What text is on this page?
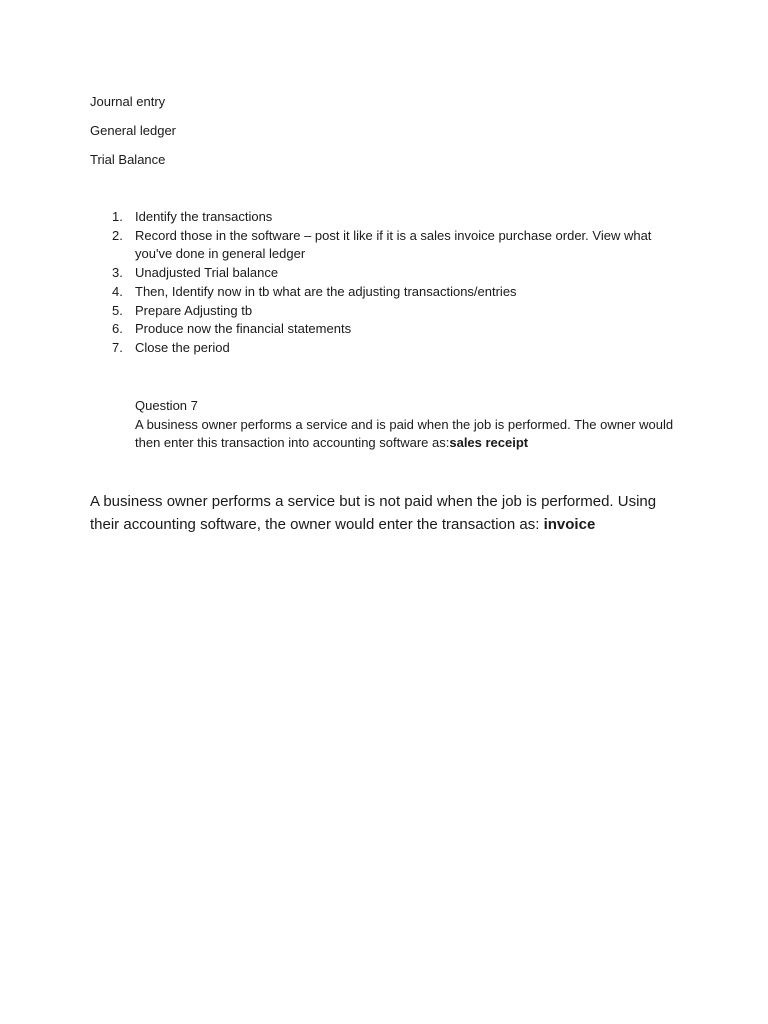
Journal entry
General ledger
Trial Balance
1. Identify the transactions
2. Record those in the software – post it like if it is a sales invoice purchase order. View what you've done in general ledger
3. Unadjusted Trial balance
4. Then, Identify now in tb what are the adjusting transactions/entries
5. Prepare Adjusting tb
6. Produce now the financial statements
7. Close the period
Question 7
A business owner performs a service and is paid when the job is performed. The owner would then enter this transaction into accounting software as:sales receipt
A business owner performs a service but is not paid when the job is performed. Using their accounting software, the owner would enter the transaction as: invoice
